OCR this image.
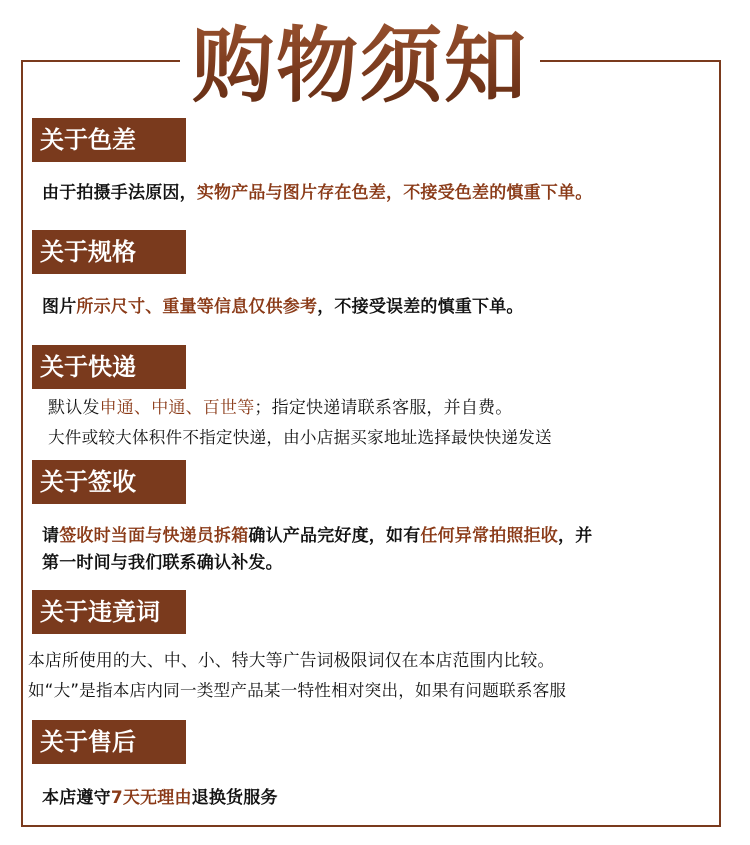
购物须知
关于色差
由于拍摄手法原因，实物产品与图片存在色差，不接受色差的慎重下单。
关于规格
图片所示尺寸、重量等信息仅供参考，不接受误差的慎重下单。
关于快递
默认发申通、中通、百世等；指定快递请联系客服，并自费。
大件或较大体积件不指定快递，由小店据买家地址选择最快快递发送
关于签收
请签收时当面与快递员拆箱确认产品完好度，如有任何异常拍照拒收，并
第一时间与我们联系确认补发。
关于违竟词
本店所使用的大、中、小、特大等广告词极限词仅在本店范围内比较。
如“大”是指本店内同一类型产品某一特性相对突出，如果有问题联系客服
关于售后
本店遵守7天无理由退换货服务
